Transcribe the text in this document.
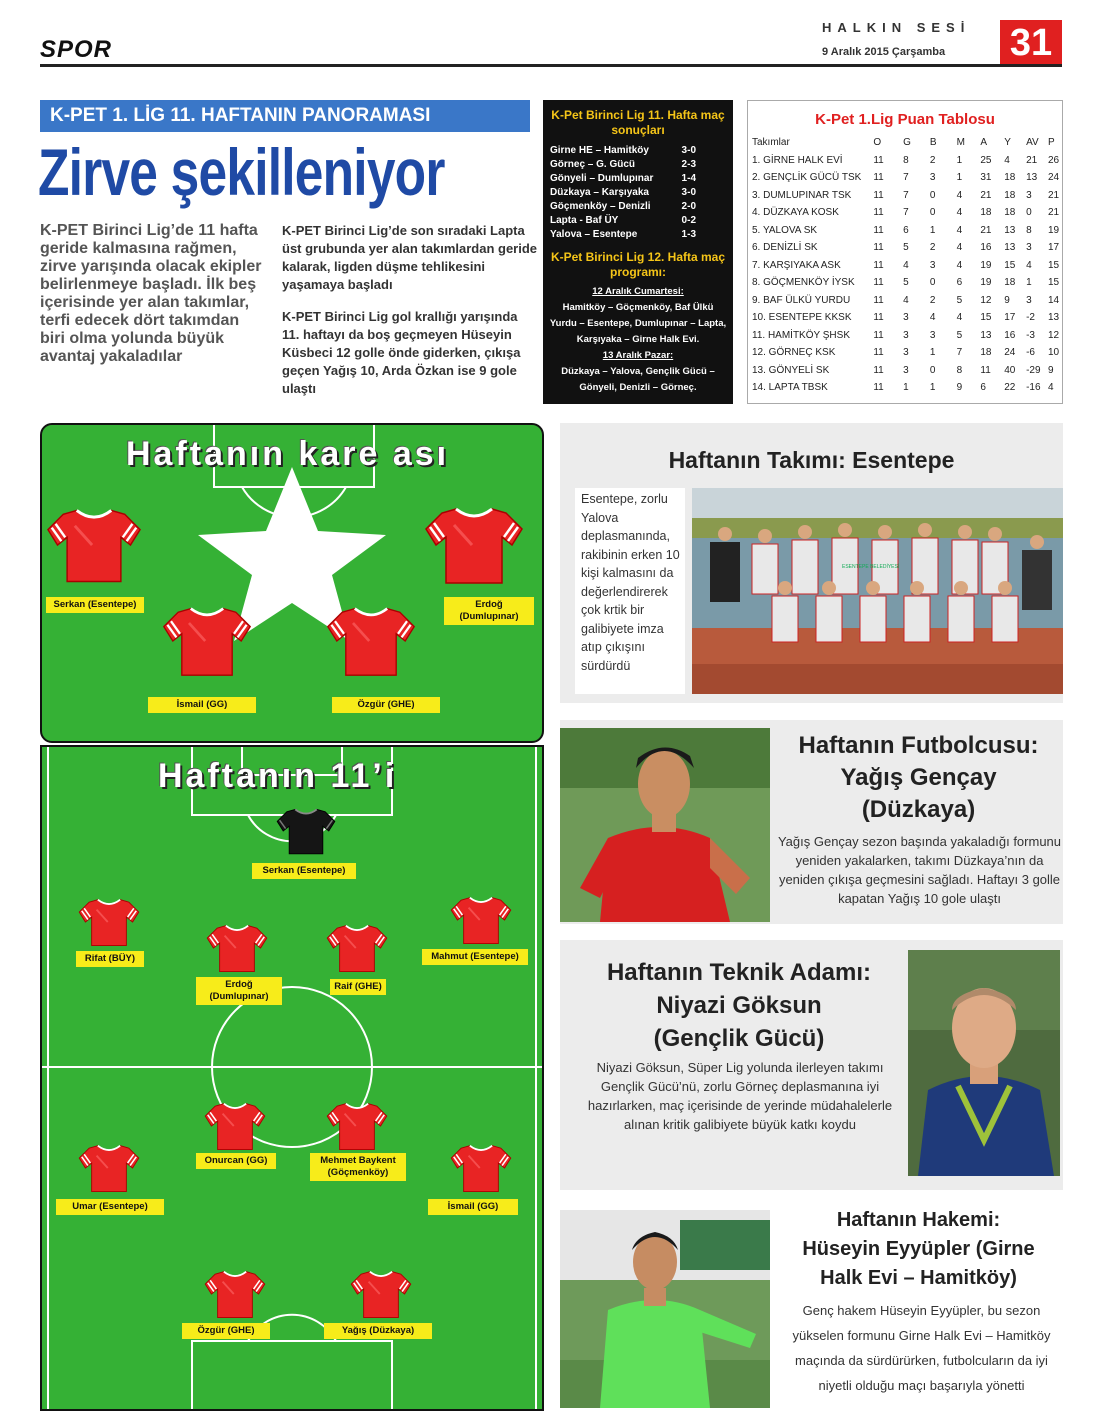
SPOR
HALKIN SESİ
9 Aralık 2015 Çarşamba 31
K-PET 1. LİG 11. HAFTANIN PANORAMASI
Zirve şekilleniyor
K-PET Birinci Lig’de 11 hafta geride kalmasına rağmen, zirve yarışında olacak ekipler belirlenmeye başladı. İlk beş içerisinde yer alan takımlar, terfi edecek dört takımdan biri olma yolunda büyük avantaj yakaladılar

K-PET Birinci Lig’de son sıradaki Lapta üst grubunda yer alan takımlardan geride kalarak, ligden düşme tehlikesini yaşamaya başladı

K-PET Birinci Lig gol krallığı yarışında 11. haftayı da boş geçmeyen Hüseyin Küsbeci 12 golle önde giderken, çıkışa geçen Yağış 10, Arda Özkan ise 9 gole ulaştı

K-Pet Birinci Lig 11. Hafta maç sonuçları
Girne HE – Hamitköy	3-0
Görneç – G. Gücü	2-3
Gönyeli – Dumlupınar	1-4
Düzkaya – Karşıyaka	3-0
Göçmenköy – Denizli	2-0
Lapta - Baf ÜY	0-2
Yalova – Esentepe	1-3
K-Pet Birinci Lig 12. Hafta maç programı:
12 Aralık Cumartesi:
Hamitköy – Göçmenköy, Baf Ülkü Yurdu – Esentepe, Dumlupınar – Lapta, Karşıyaka – Girne Halk Evi.
13 Aralık Pazar:
Düzkaya – Yalova, Gençlik Gücü – Gönyeli, Denizli – Görneç.
K-Pet 1.Lig Puan Tablosu
Takımlar	O	G	B	M	A	Y	AV	P
1. GİRNE HALK EVİ	11	8	2	1	25	4	21	26
2. GENÇLİK GÜCÜ TSK	11	7	3	1	31	18	13	24
3. DUMLUPINAR TSK	11	7	0	4	21	18	3	21
4. DÜZKAYA KOSK	11	7	0	4	18	18	0	21
5. YALOVA SK	11	6	1	4	21	13	8	19
6. DENİZLİ SK	11	5	2	4	16	13	3	17
7. KARŞIYAKA ASK	11	4	3	4	19	15	4	15
8. GÖÇMENKÖY İYSK	11	5	0	6	19	18	1	15
9. BAF ÜLKÜ YURDU	11	4	2	5	12	9	3	14
10. ESENTEPE KKSK	11	3	4	4	15	17	-2	13
11. HAMİTKÖY ŞHSK	11	3	3	5	13	16	-3	12
12. GÖRNEÇ KSK	11	3	1	7	18	24	-6	10
13. GÖNYELİ SK	11	3	0	8	11	40	-29	9
14. LAPTA TBSK	11	1	1	9	6	22	-16	4
Haftanın kare ası
Serkan (Esentepe)
İsmail (GG)	Özgür (GHE)
Erdoğ (Dumlupınar)
Haftanın 11’i
Serkan (Esentepe)
Rifat (BÜY)
Erdoğ (Dumlupınar)
Raif (GHE)
Mahmut (Esentepe)
Onurcan (GG)	Mehmet Baykent (Göçmenköy)
Umar (Esentepe)	İsmail (GG)
Özgür (GHE)	Yağış (Düzkaya)
Haftanın Takımı: Esentepe
Esentepe, zorlu Yalova deplasmanında, rakibinin erken 10 kişi kalmasını da değerlendirerek çok krtik bir galibiyete imza atıp çıkışını sürdürdü
ESENTEPE BELEDİYESİ
Haftanın Futbolcusu:
Yağış Gençay
(Düzkaya)
Yağış Gençay sezon başında yakaladığı formunu yeniden yakalarken, takımı Düzkaya’nın da yeniden çıkışa geçmesini sağladı. Haftayı 3 golle kapatan Yağış 10 gole ulaştı
Haftanın Teknik Adamı:
Niyazi Göksun
(Gençlik Gücü)
Niyazi Göksun, Süper Lig yolunda ilerleyen takımı Gençlik Gücü’nü, zorlu Görneç deplasmanına iyi hazırlarken, maç içerisinde de yerinde müdahalelerle alınan kritik galibiyete büyük katkı koydu
Haftanın Hakemi:
Hüseyin Eyyüpler (Girne
Halk Evi – Hamitköy)
Genç hakem Hüseyin Eyyüpler, bu sezon yükselen formunu Girne Halk Evi – Hamitköy maçında da sürdürürken, futbolcuların da iyi niyetli olduğu maçı başarıyla yönetti
